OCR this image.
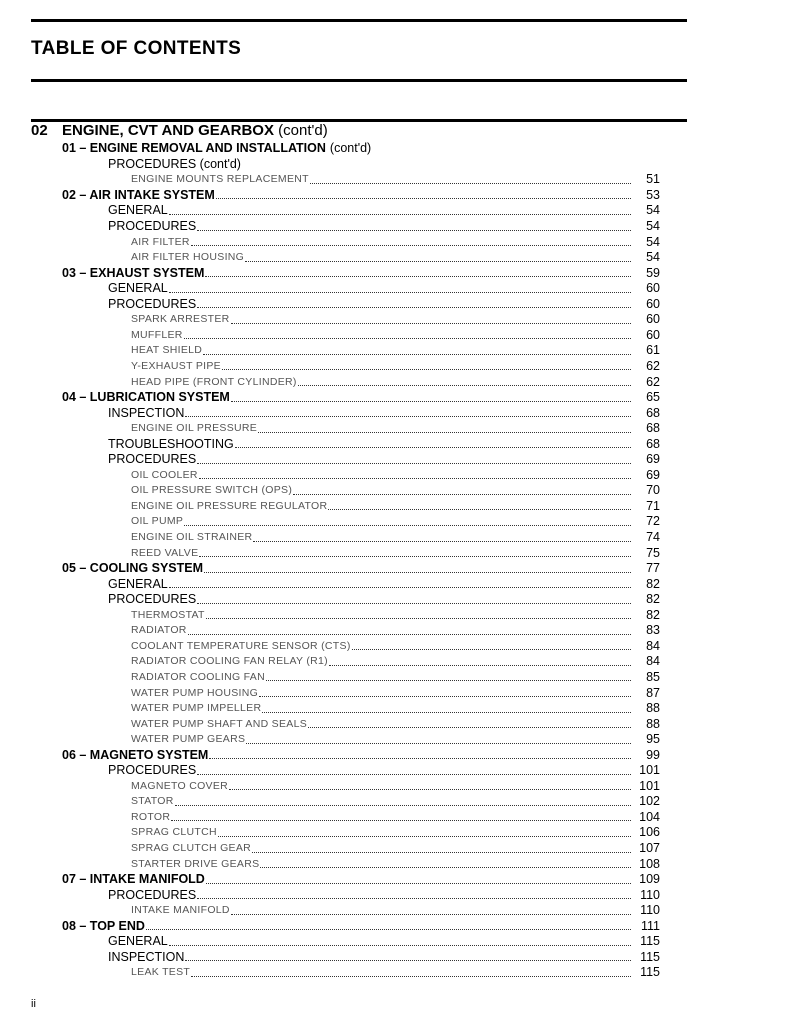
TABLE OF CONTENTS
02 ENGINE, CVT AND GEARBOX (cont'd)
01 – ENGINE REMOVAL AND INSTALLATION (cont'd)
PROCEDURES (cont'd)
ENGINE MOUNTS REPLACEMENT	51
02 – AIR INTAKE SYSTEM	53
GENERAL	54
PROCEDURES	54
AIR FILTER	54
AIR FILTER HOUSING	54
03 – EXHAUST SYSTEM	59
GENERAL	60
PROCEDURES	60
SPARK ARRESTER	60
MUFFLER	60
HEAT SHIELD	61
Y-EXHAUST PIPE	62
HEAD PIPE (FRONT CYLINDER)	62
04 – LUBRICATION SYSTEM	65
INSPECTION	68
ENGINE OIL PRESSURE	68
TROUBLESHOOTING	68
PROCEDURES	69
OIL COOLER	69
OIL PRESSURE SWITCH (OPS)	70
ENGINE OIL PRESSURE REGULATOR	71
OIL PUMP	72
ENGINE OIL STRAINER	74
REED VALVE	75
05 – COOLING SYSTEM	77
GENERAL	82
PROCEDURES	82
THERMOSTAT	82
RADIATOR	83
COOLANT TEMPERATURE SENSOR (CTS)	84
RADIATOR COOLING FAN RELAY (R1)	84
RADIATOR COOLING FAN	85
WATER PUMP HOUSING	87
WATER PUMP IMPELLER	88
WATER PUMP SHAFT AND SEALS	88
WATER PUMP GEARS	95
06 – MAGNETO SYSTEM	99
PROCEDURES	101
MAGNETO COVER	101
STATOR	102
ROTOR	104
SPRAG CLUTCH	106
SPRAG CLUTCH GEAR	107
STARTER DRIVE GEARS	108
07 – INTAKE MANIFOLD	109
PROCEDURES	110
INTAKE MANIFOLD	110
08 – TOP END	111
GENERAL	115
INSPECTION	115
LEAK TEST	115
ii
